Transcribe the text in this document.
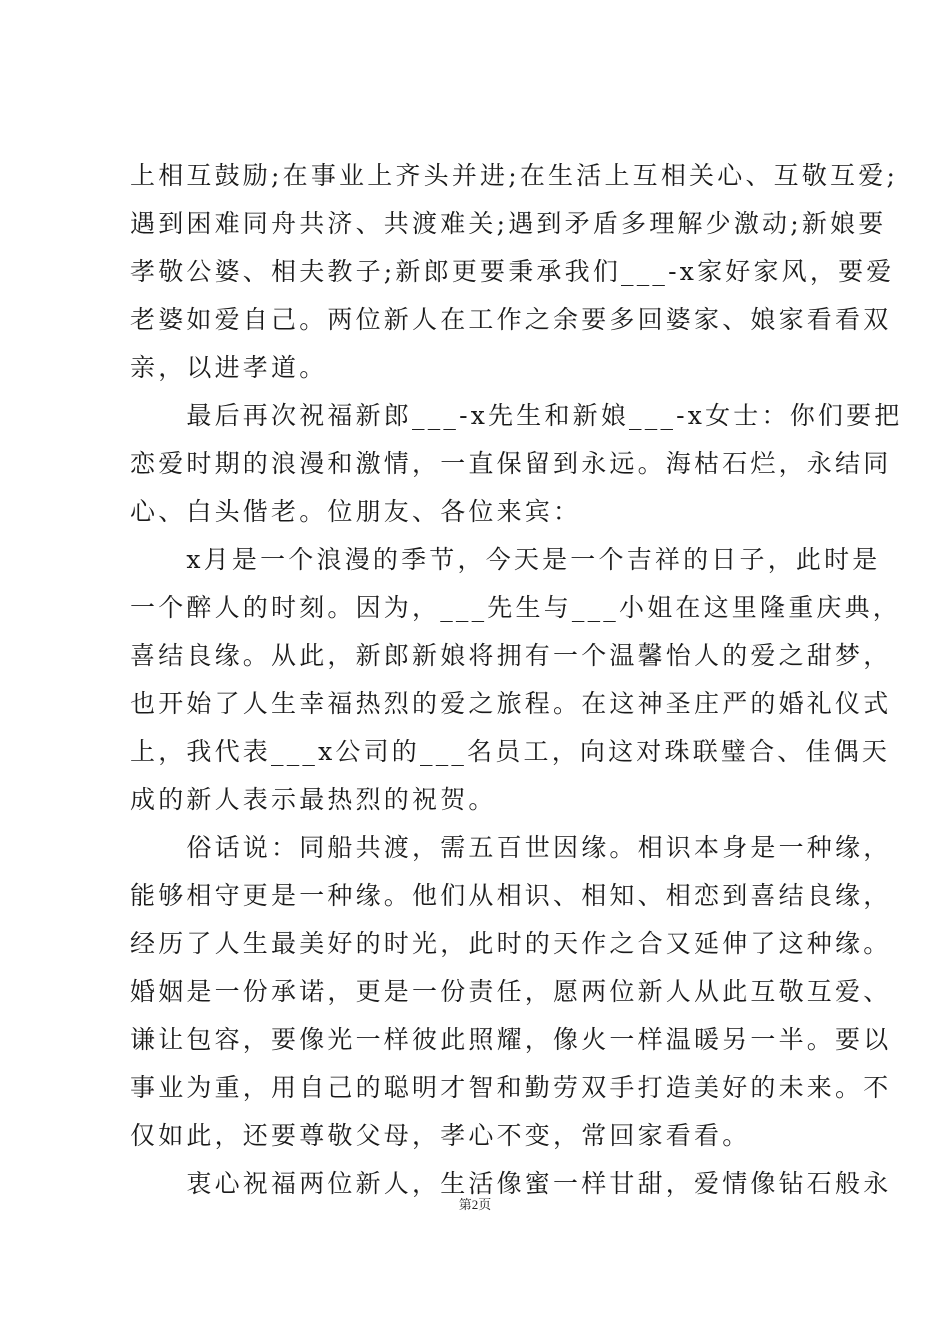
上相互鼓励;在事业上齐头并进;在生活上互相关心、互敬互爱;
遇到困难同舟共济、共渡难关;遇到矛盾多理解少激动;新娘要
孝敬公婆、相夫教子;新郎更要秉承我们___-x家好家风，要爱
老婆如爱自己。两位新人在工作之余要多回婆家、娘家看看双
亲，以进孝道。
　　最后再次祝福新郎___-x先生和新娘___-x女士：你们要把
恋爱时期的浪漫和激情，一直保留到永远。海枯石烂，永结同
心、白头偕老。位朋友、各位来宾：
　　x月是一个浪漫的季节，今天是一个吉祥的日子，此时是
一个醉人的时刻。因为，___先生与___小姐在这里隆重庆典，
喜结良缘。从此，新郎新娘将拥有一个温馨怡人的爱之甜梦，
也开始了人生幸福热烈的爱之旅程。在这神圣庄严的婚礼仪式
上，我代表___x公司的___名员工，向这对珠联璧合、佳偶天
成的新人表示最热烈的祝贺。
　　俗话说：同船共渡，需五百世因缘。相识本身是一种缘，
能够相守更是一种缘。他们从相识、相知、相恋到喜结良缘，
经历了人生最美好的时光，此时的天作之合又延伸了这种缘。
婚姻是一份承诺，更是一份责任，愿两位新人从此互敬互爱、
谦让包容，要像光一样彼此照耀，像火一样温暖另一半。要以
事业为重，用自己的聪明才智和勤劳双手打造美好的未来。不
仅如此，还要尊敬父母，孝心不变，常回家看看。
　　衷心祝福两位新人，生活像蜜一样甘甜，爱情像钻石般永
第2页
